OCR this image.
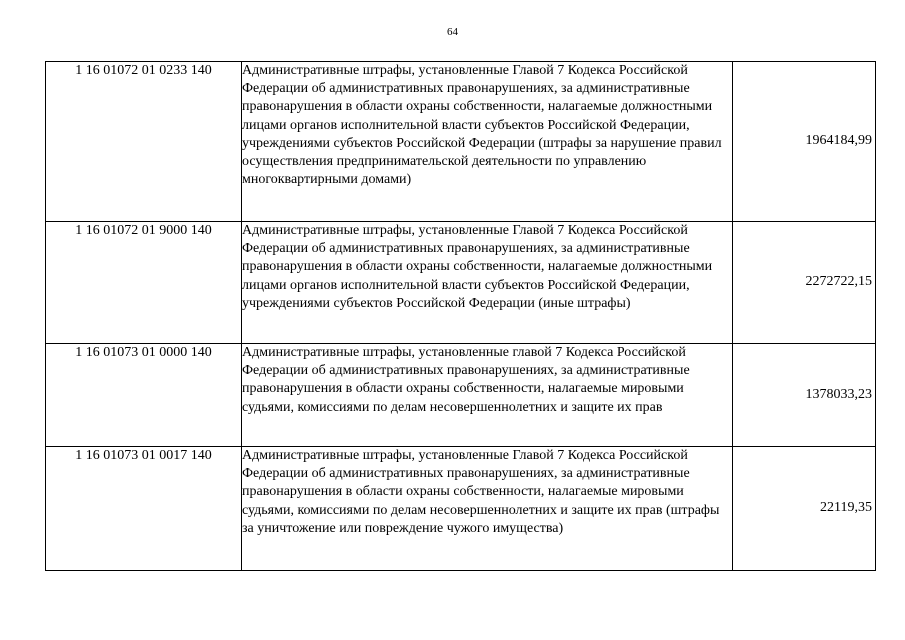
64
1 16 01072 01 0233 140	Административные штрафы, установленные Главой 7 Кодекса Российской Федерации об административных правонарушениях, за административные правонарушения в области охраны собственности, налагаемые должностными лицами органов исполнительной власти субъектов Российской Федерации, учреждениями субъектов Российской Федерации (штрафы за нарушение правил осуществления предпринимательской деятельности по управлению многоквартирными домами)	1964184,99
1 16 01072 01 9000 140	Административные штрафы, установленные Главой 7 Кодекса Российской Федерации об административных правонарушениях, за административные правонарушения в области охраны собственности, налагаемые должностными лицами органов исполнительной власти субъектов Российской Федерации, учреждениями субъектов Российской Федерации (иные штрафы)	2272722,15
1 16 01073 01 0000 140	Административные штрафы, установленные главой 7 Кодекса Российской Федерации об административных правонарушениях, за административные правонарушения в области охраны собственности, налагаемые мировыми судьями, комиссиями по делам несовершеннолетних и защите их прав	1378033,23
1 16 01073 01 0017 140	Административные штрафы, установленные Главой 7 Кодекса Российской Федерации об административных правонарушениях, за административные правонарушения в области охраны собственности, налагаемые мировыми судьями, комиссиями по делам несовершеннолетних и защите их прав (штрафы за уничтожение или повреждение чужого имущества)	22119,35
